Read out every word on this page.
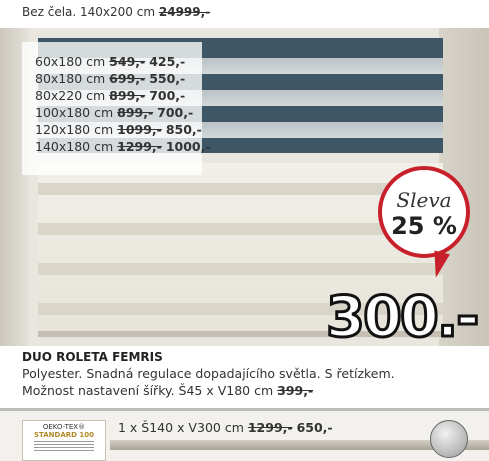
Bez čela. 140x200 cm 24999,-
60x180 cm 549,- 425,-
80x180 cm 699,- 550,-
80x220 cm 899,- 700,-
100x180 cm 899,- 700,-
120x180 cm 1099,- 850,-
140x180 cm 1299,- 1000,-
Sleva
25 %
300.-
DUO ROLETA FEMRIS
Polyester. Snadná regulace dopadajícího světla. S řetízkem.
Možnost nastavení šířky. Š45 x V180 cm 399,-
OEKO-TEX®
STANDARD 100	1 x Š140 x V300 cm 1299,- 650,-
